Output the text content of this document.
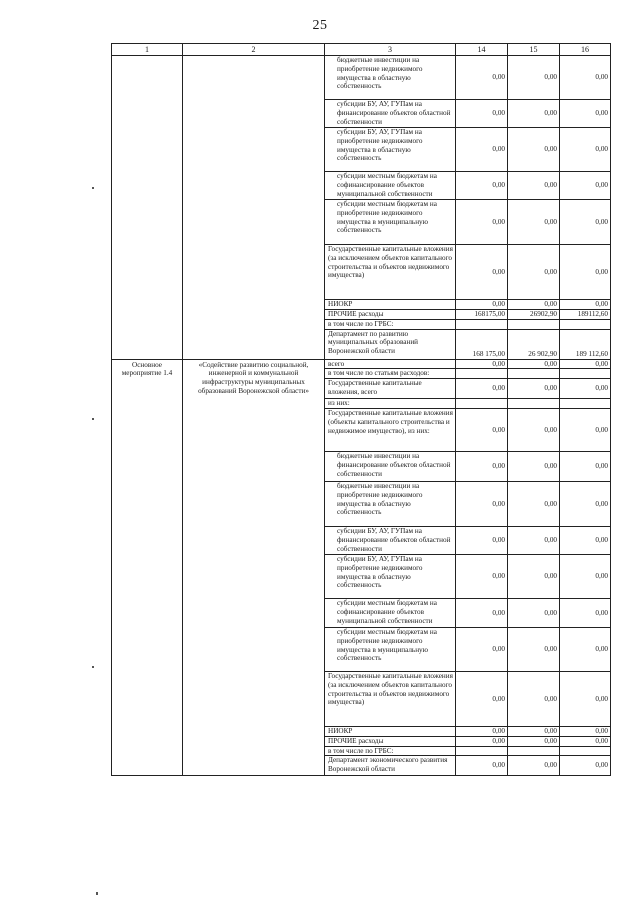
25
1	2	3	14	15	16
		бюджетные инвестиции на приобретение недвижимого имущества в областную собственность	0,00	0,00	0,00
		субсидии БУ, АУ, ГУПам на финансирование объектов областной собственности	0,00	0,00	0,00
		субсидии БУ, АУ, ГУПам на приобретение недвижимого имущества в областную собственность	0,00	0,00	0,00
		субсидии местным бюджетам на софинансирование объектов муниципальной собственности	0,00	0,00	0,00
		субсидии местным бюджетам на приобретение недвижимого имущества в муниципальную собственность	0,00	0,00	0,00
		Государственные капитальные вложения (за исключением объектов капитального строительства и объектов недвижимого имущества)	0,00	0,00	0,00
		НИОКР	0,00	0,00	0,00
		ПРОЧИЕ расходы	168175,00	26902,90	189112,60
		в том числе по ГРБС:			
		Департамент по развитию муниципальных образований Воронежской области	168 175,00	26 902,90	189 112,60
Основное мероприятие 1.4	«Содействие развитию социальной, инженерной и коммунальной инфраструктуры муниципальных образований Воронежской области»	всего	0,00	0,00	0,00
		в том числе по статьям расходов:			
		Государственные капитальные вложения, всего	0,00	0,00	0,00
		из них:			
		Государственные капитальные вложения (объекты капитального строительства и недвижимое имущество), из них:	0,00	0,00	0,00
		бюджетные инвестиции на финансирование объектов областной собственности	0,00	0,00	0,00
		бюджетные инвестиции на приобретение недвижимого имущества в областную собственность	0,00	0,00	0,00
		субсидии БУ, АУ, ГУПам на финансирование объектов областной собственности	0,00	0,00	0,00
		субсидии БУ, АУ, ГУПам на приобретение недвижимого имущества в областную собственность	0,00	0,00	0,00
		субсидии местным бюджетам на софинансирование объектов муниципальной собственности	0,00	0,00	0,00
		субсидии местным бюджетам на приобретение недвижимого имущества в муниципальную собственность	0,00	0,00	0,00
		Государственные капитальные вложения (за исключением объектов капитального строительства и объектов недвижимого имущества)	0,00	0,00	0,00
		НИОКР	0,00	0,00	0,00
		ПРОЧИЕ расходы	0,00	0,00	0,00
		в том числе по ГРБС:			
		Департамент экономического развития Воронежской области	0,00	0,00	0,00
